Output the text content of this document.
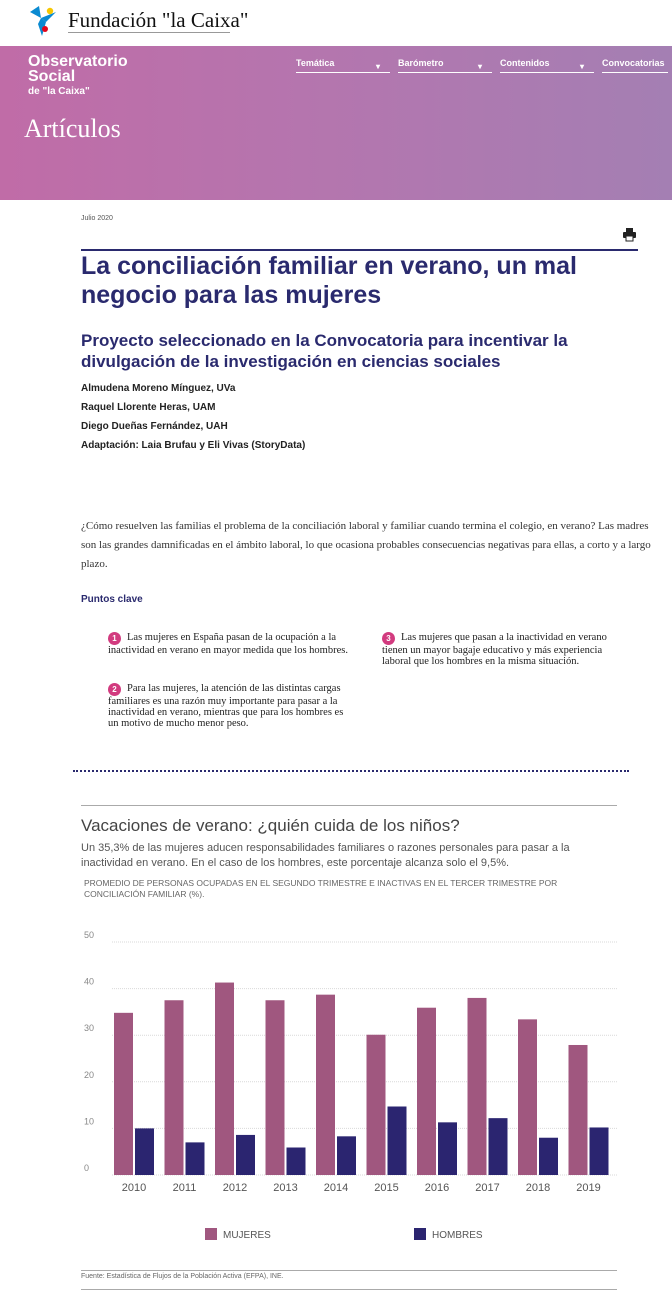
Fundación "la Caixa"
Observatorio
Social
de "la Caixa"
Temática	▾ Barómetro	▾ Contenidos	▾ Convocatorias
Artículos
Julio 2020
La conciliación familiar en verano, un mal negocio para las mujeres
Proyecto seleccionado en la Convocatoria para incentivar la divulgación de la investigación en ciencias sociales
Almudena Moreno Mínguez, UVa
Raquel Llorente Heras, UAM
Diego Dueñas Fernández, UAH
Adaptación: Laia Brufau y Eli Vivas (StoryData)

¿Cómo resuelven las familias el problema de la conciliación laboral y familiar cuando termina el colegio, en verano? Las madres son las grandes damnificadas en el ámbito laboral, lo que ocasiona probables consecuencias negativas para ellas, a corto y a largo plazo.

Puntos clave
1 Las mujeres en España pasan de la ocupación a la inactividad en verano en mayor medida que los hombres.
2 Para las mujeres, la atención de las distintas cargas familiares es una razón muy importante para pasar a la inactividad en verano, mientras que para los hombres es un motivo de mucho menor peso.
3 Las mujeres que pasan a la inactividad en verano tienen un mayor bagaje educativo y más experiencia laboral que los hombres en la misma situación.
Vacaciones de verano: ¿quién cuida de los niños?
Un 35,3% de las mujeres aducen responsabilidades familiares o razones personales para pasar a la inactividad en verano. En el caso de los hombres, este porcentaje alcanza solo el 9,5%.
PROMEDIO DE PERSONAS OCUPADAS EN EL SEGUNDO TRIMESTRE E INACTIVAS EN EL TERCER TRIMESTRE POR CONCILIACIÓN FAMILIAR (%).
0
10
20
30
40
50
2010 2011 2012 2013 2014 2015 2016 2017 2018 2019
MUJERES	HOMBRES
Fuente: Estadística de Flujos de la Población Activa (EFPA), INE.
